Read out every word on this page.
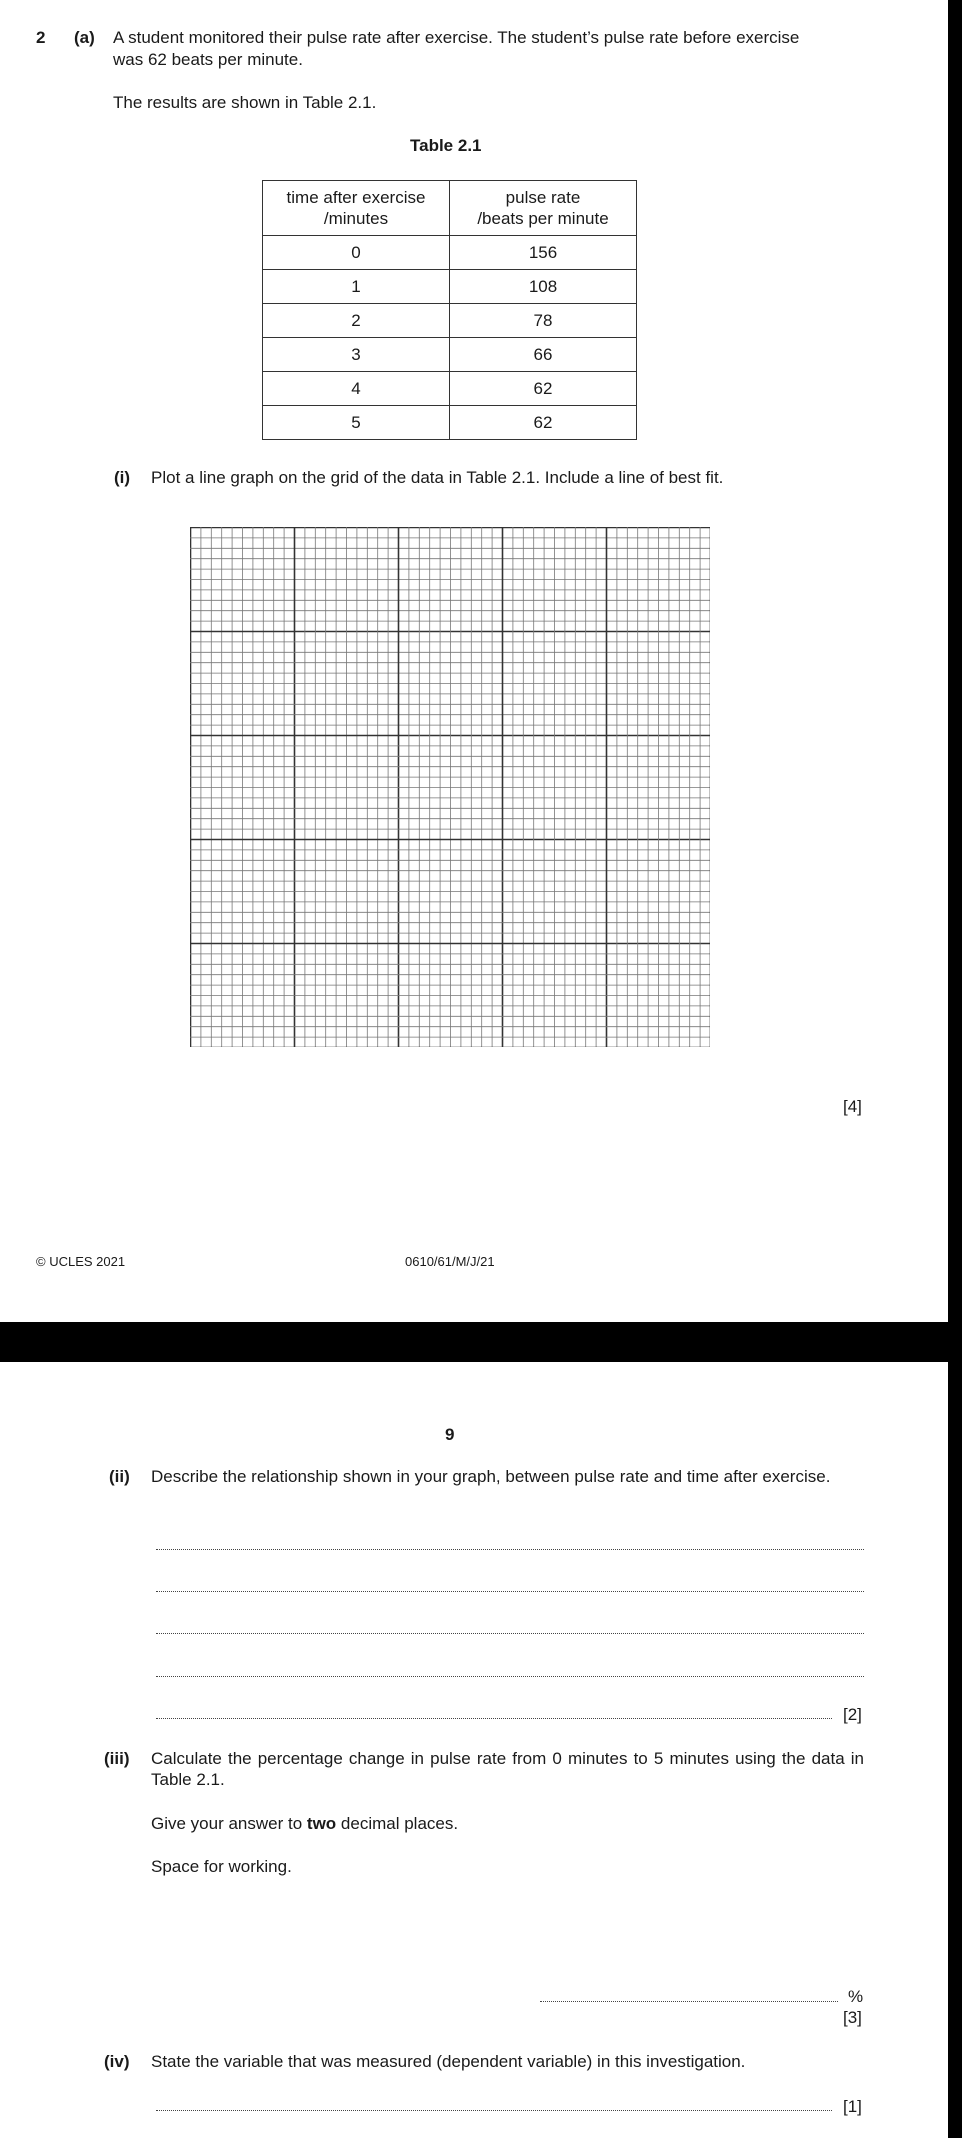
2 (a) A student monitored their pulse rate after exercise. The student’s pulse rate before exercise
was 62 beats per minute.
The results are shown in Table 2.1.
Table 2.1
time after exercise
/minutes	pulse rate
/beats per minute
0	156
1	108
2	78
3	66
4	62
5	62
(i) Plot a line graph on the grid of the data in Table 2.1. Include a line of best fit.
[4]
© UCLES 2021	0610/61/M/J/21
9
(ii) Describe the relationship shown in your graph, between pulse rate and time after exercise.
[2]
(iii) Calculate the percentage change in pulse rate from 0 minutes to 5 minutes using the data in Table 2.1.
Give your answer to two decimal places.
Space for working.
%
[3]
(iv) State the variable that was measured (dependent variable) in this investigation.
[1]
